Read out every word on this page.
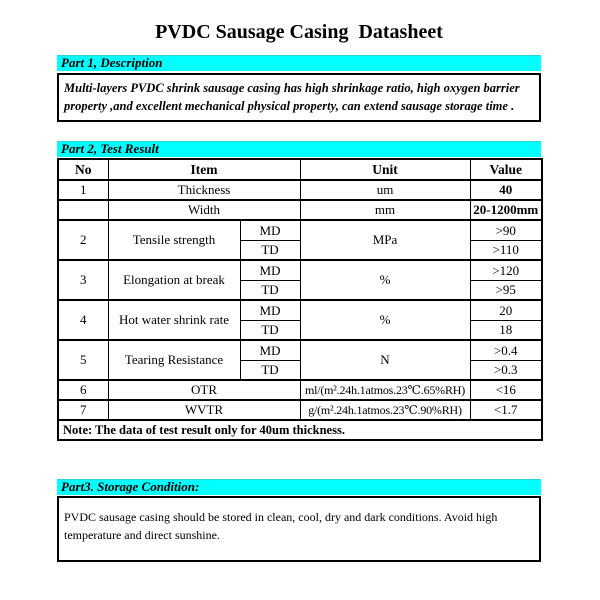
PVDC Sausage Casing  Datasheet
Part 1, Description
Multi-layers PVDC shrink sausage casing has high shrinkage ratio, high oxygen barrier property ,and excellent mechanical physical property, can extend sausage storage time .
Part 2, Test Result
No	Item		Unit	Value
1	Thickness		um	40
	Width		mm	20-1200mm
2	Tensile strength	MD	MPa	>90
		TD		>110
3	Elongation at break	MD	%	>120
		TD		>95
4	Hot water shrink rate	MD	%	20
		TD		18
5	Tearing Resistance	MD	N	>0.4
		TD		>0.3
6	OTR		ml/(m².24h.1atmos.23℃.65%RH)	<16
7	WVTR		g/(m².24h.1atmos.23℃.90%RH)	<1.7
Note: The data of test result only for 40um thickness.				
Part3. Storage Condition:
PVDC sausage casing should be stored in clean, cool, dry and dark conditions. Avoid high temperature and direct sunshine.
